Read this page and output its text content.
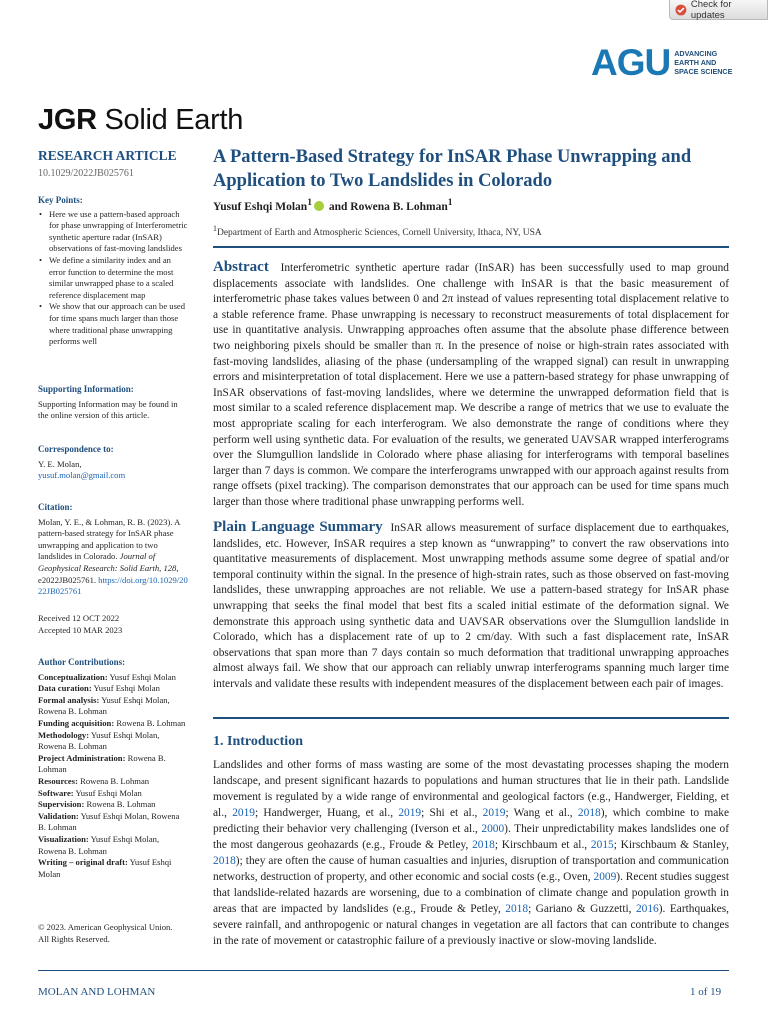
Check for updates
AGU ADVANCING
EARTH AND
SPACE SCIENCE
JGR Solid Earth
RESEARCH ARTICLE
10.1029/2022JB025761
Key Points:
• Here we use a pattern-based approach for phase unwrapping of Interferometric synthetic aperture radar (InSAR) observations of fast-moving landslides
• We define a similarity index and an error function to determine the most similar unwrapped phase to a scaled reference displacement map
• We show that our approach can be used for time spans much larger than those where traditional phase unwrapping performs well
Supporting Information:
Supporting Information may be found in the online version of this article.
Correspondence to:
Y. E. Molan,
yusuf.molan@gmail.com
Citation:
Molan, Y. E., & Lohman, R. B. (2023). A pattern-based strategy for InSAR phase unwrapping and application to two landslides in Colorado. Journal of Geophysical Research: Solid Earth, 128, e2022JB025761. https://doi.org/10.1029/2022JB025761
Received 12 OCT 2022
Accepted 10 MAR 2023
Author Contributions:
Conceptualization: Yusuf Eshqi Molan
Data curation: Yusuf Eshqi Molan
Formal analysis: Yusuf Eshqi Molan, Rowena B. Lohman
Funding acquisition: Rowena B. Lohman
Methodology: Yusuf Eshqi Molan, Rowena B. Lohman
Project Administration: Rowena B. Lohman
Resources: Rowena B. Lohman
Software: Yusuf Eshqi Molan
Supervision: Rowena B. Lohman
Validation: Yusuf Eshqi Molan, Rowena B. Lohman
Visualization: Yusuf Eshqi Molan, Rowena B. Lohman
Writing – original draft: Yusuf Eshqi Molan
© 2023. American Geophysical Union.
All Rights Reserved.
A Pattern-Based Strategy for InSAR Phase Unwrapping and Application to Two Landslides in Colorado
Yusuf Eshqi Molan$^1$ and Rowena B. Lohman$^1$
$^1$Department of Earth and Atmospheric Sciences, Cornell University, Ithaca, NY, USA
Abstract Interferometric synthetic aperture radar (InSAR) has been successfully used to map ground displacements associate with landslides. One challenge with InSAR is that the basic measurement of interferometric phase takes values between 0 and 2π instead of values representing total displacement relative to a stable reference frame. Phase unwrapping is necessary to reconstruct measurements of total displacement for use in quantitative analysis. Unwrapping approaches often assume that the absolute phase difference between two neighboring pixels should be smaller than π. In the presence of noise or high-strain rates associated with fast-moving landslides, aliasing of the phase (undersampling of the wrapped signal) can result in unwrapping errors and misinterpretation of total displacement. Here we use a pattern-based strategy for phase unwrapping of InSAR observations of fast-moving landslides, where we determine the unwrapped deformation field that is most similar to a scaled reference displacement map. We describe a range of metrics that we use to evaluate the most appropriate scaling for each interferogram. We also demonstrate the range of conditions where they perform well using synthetic data. For evaluation of the results, we generated UAVSAR wrapped interferograms over the Slumgullion landslide in Colorado where phase aliasing for interferograms with temporal baselines larger than 7 days is common. We compare the interferograms unwrapped with our approach against results from range offsets (pixel tracking). The comparison demonstrates that our approach can be used for time spans much larger than those where traditional phase unwrapping performs well.
Plain Language Summary InSAR allows measurement of surface displacement due to earthquakes, landslides, etc. However, InSAR requires a step known as “unwrapping” to convert the raw observations into quantitative measurements of displacement. Most unwrapping methods assume some degree of spatial and/or temporal continuity within the signal. In the presence of high-strain rates, such as those observed on fast-moving landslides, these unwrapping approaches are not reliable. We use a pattern-based strategy for InSAR phase unwrapping that seeks the final model that best fits a scaled initial estimate of the deformation signal. We demonstrate this approach using synthetic data and UAVSAR observations over the Slumgullion landslide in Colorado, which has a displacement rate of up to 2 cm/day. With such a fast displacement rate, InSAR observations that span more than 7 days contain so much deformation that traditional unwrapping approaches almost always fail. We show that our approach can reliably unwrap interferograms spanning much larger time intervals and validate these results with independent measures of the displacement between each pair of images.
1. Introduction
Landslides and other forms of mass wasting are some of the most devastating processes shaping the modern landscape, and present significant hazards to populations and human structures that lie in their path. Landslide movement is regulated by a wide range of environmental and geological factors (e.g., Handwerger, Fielding, et al., 2019; Handwerger, Huang, et al., 2019; Shi et al., 2019; Wang et al., 2018), which combine to make predicting their behavior very challenging (Iverson et al., 2000). Their unpredictability makes landslides one of the most dangerous geohazards (e.g., Froude & Petley, 2018; Kirschbaum et al., 2015; Kirschbaum & Stanley, 2018); they are often the cause of human casualties and injuries, disruption of transportation and communication networks, destruction of property, and other economic and social costs (e.g., Oven, 2009). Recent studies suggest that landslide-related hazards are worsening, due to a combination of climate change and population growth in areas that are impacted by landslides (e.g., Froude & Petley, 2018; Gariano & Guzzetti, 2016). Earthquakes, severe rainfall, and anthropogenic or natural changes in vegetation are all factors that can contribute to changes in the rate of movement or catastrophic failure of a previously inactive or slow-moving landslide.
MOLAN AND LOHMAN	1 of 19
